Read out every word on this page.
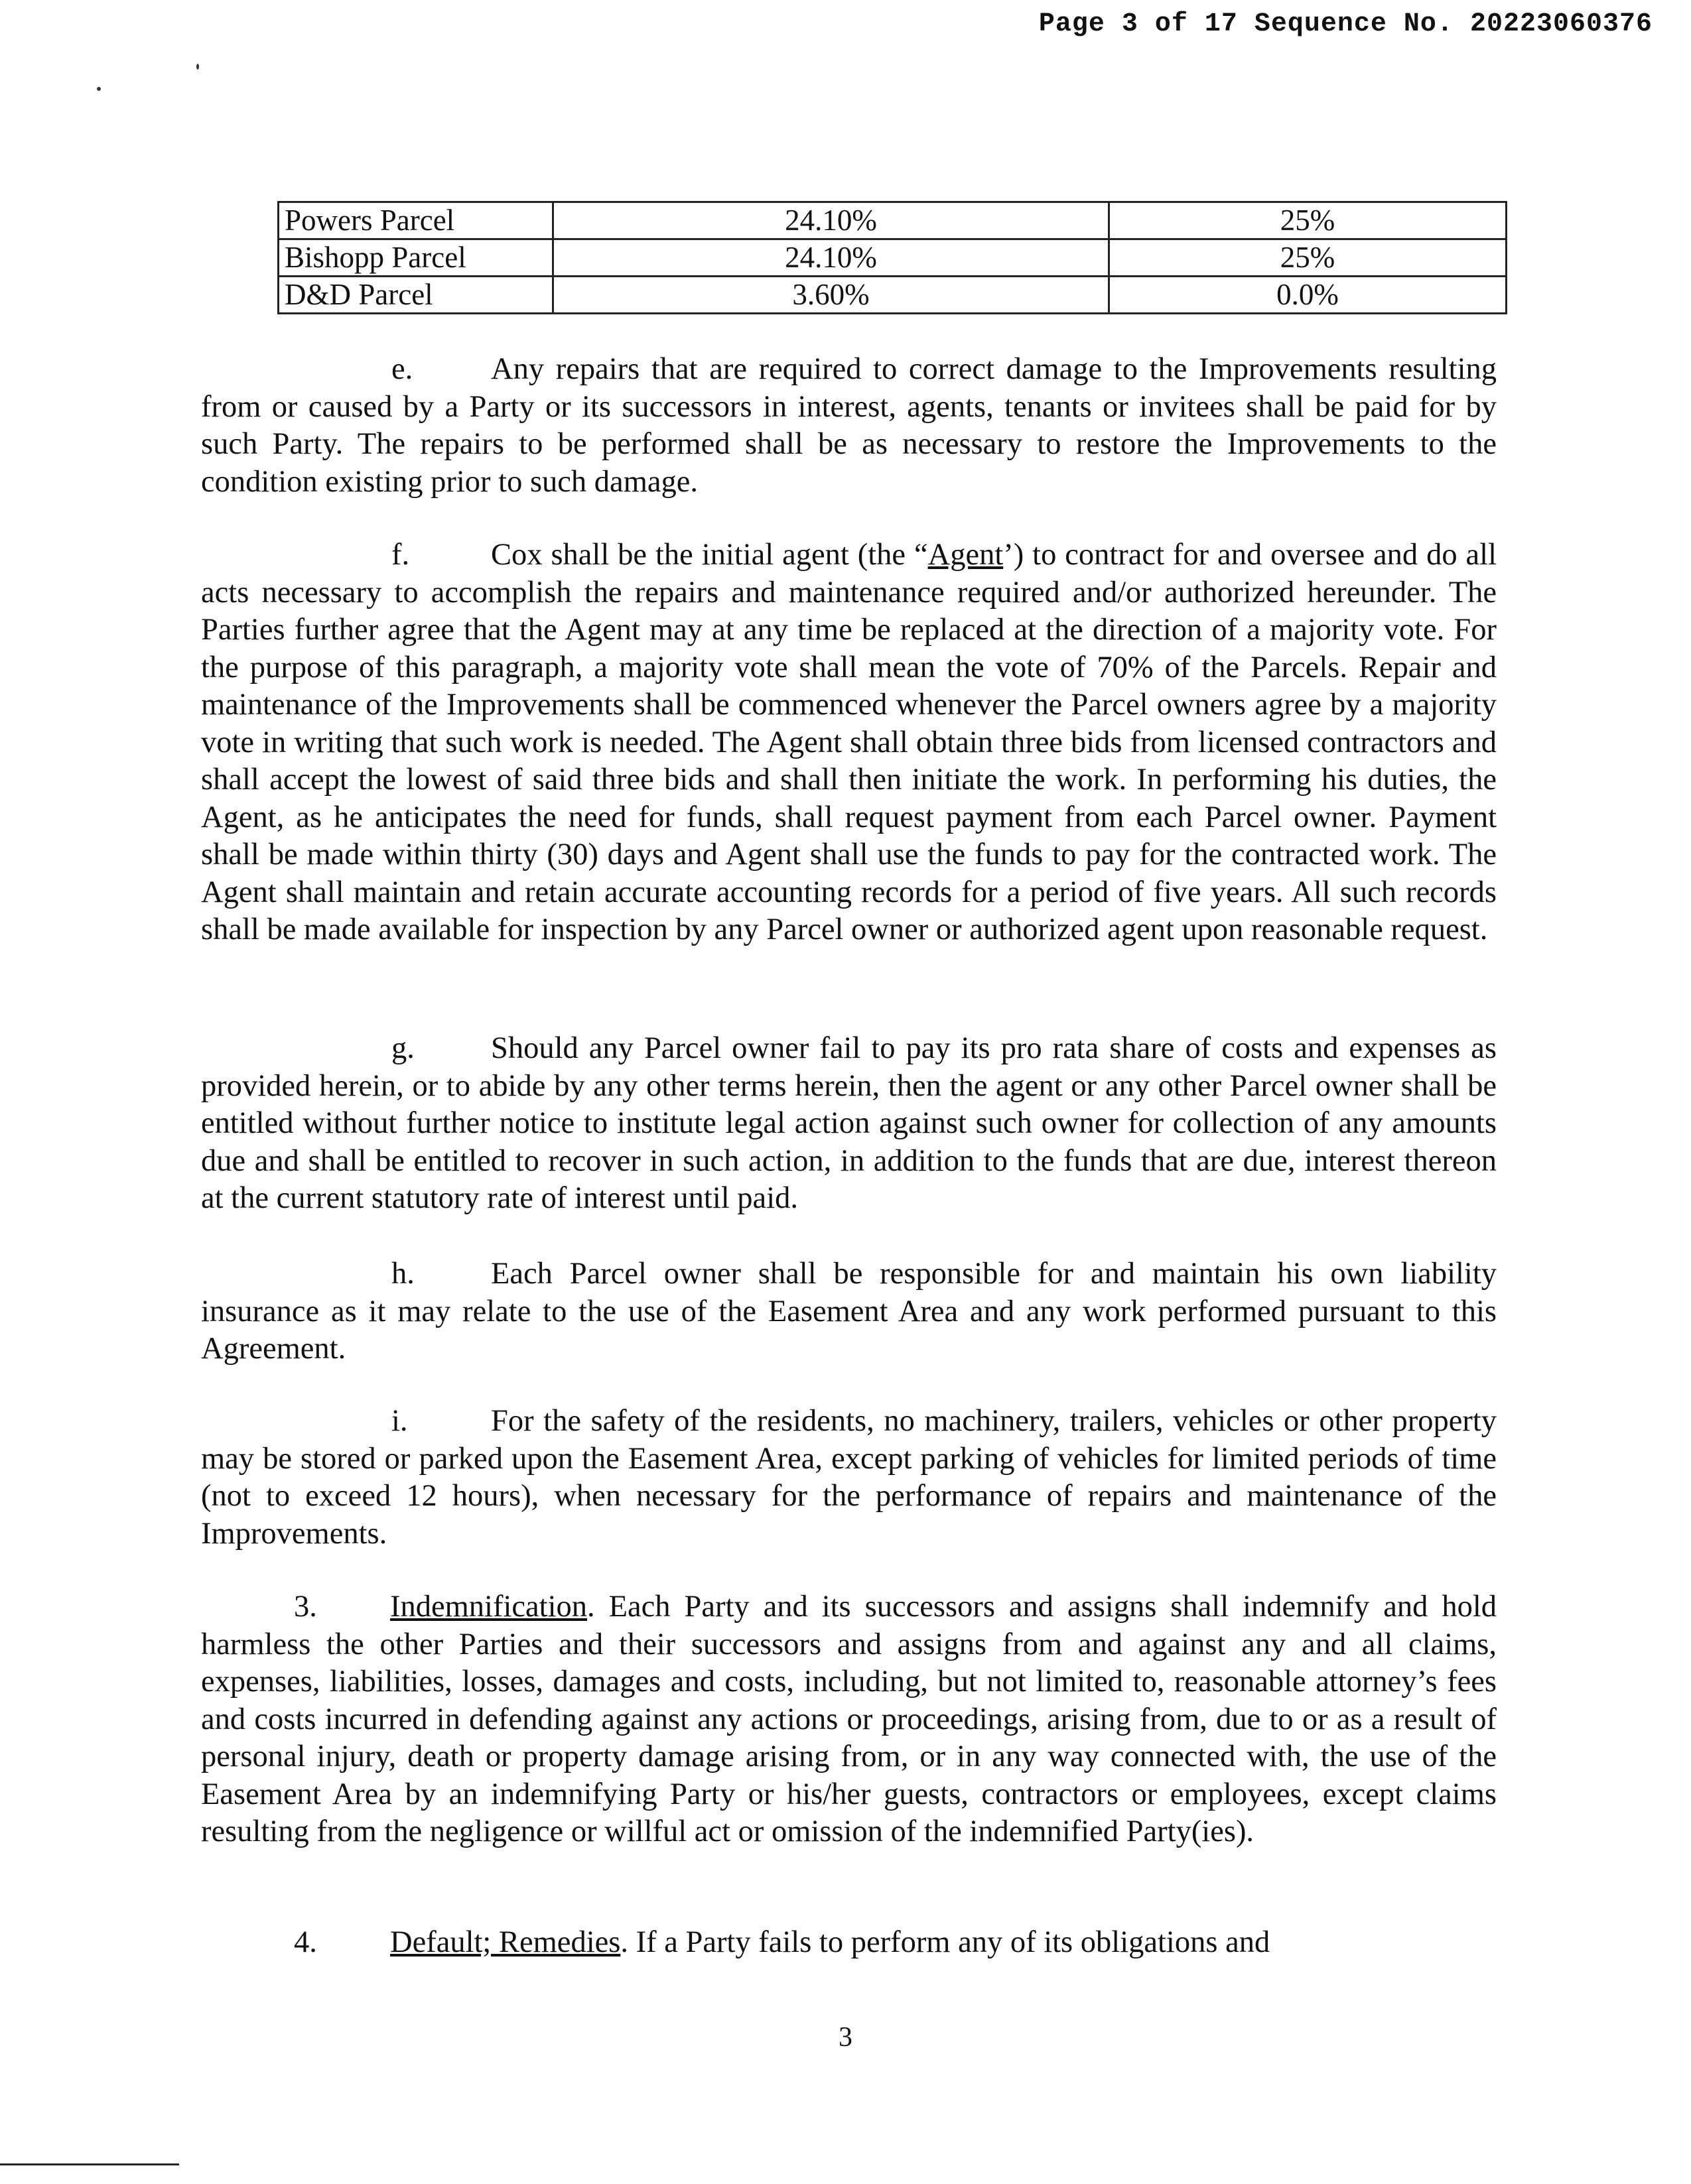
Page 3 of 17 Sequence No. 20223060376
Powers Parcel	24.10%	25%
Bishopp Parcel	24.10%	25%
D&D Parcel	3.60%	0.0%

e.	Any repairs that are required to correct damage to the Improvements resulting from or caused by a Party or its successors in interest, agents, tenants or invitees shall be paid for by such Party. The repairs to be performed shall be as necessary to restore the Improvements to the condition existing prior to such damage.

f.	Cox shall be the initial agent (the “Agent’) to contract for and oversee and do all acts necessary to accomplish the repairs and maintenance required and/or authorized hereunder. The Parties further agree that the Agent may at any time be replaced at the direction of a majority vote. For the purpose of this paragraph, a majority vote shall mean the vote of 70% of the Parcels. Repair and maintenance of the Improvements shall be commenced whenever the Parcel owners agree by a majority vote in writing that such work is needed. The Agent shall obtain three bids from licensed contractors and shall accept the lowest of said three bids and shall then initiate the work. In performing his duties, the Agent, as he anticipates the need for funds, shall request payment from each Parcel owner. Payment shall be made within thirty (30) days and Agent shall use the funds to pay for the contracted work. The Agent shall maintain and retain accurate accounting records for a period of five years. All such records shall be made available for inspection by any Parcel owner or authorized agent upon reasonable request.

g. Should any Parcel owner fail to pay its pro rata share of costs and expenses as provided herein, or to abide by any other terms herein, then the agent or any other Parcel owner shall be entitled without further notice to institute legal action against such owner for collection of any amounts due and shall be entitled to recover in such action, in addition to the funds that are due, interest thereon at the current statutory rate of interest until paid.

h. Each Parcel owner shall be responsible for and maintain his own liability insurance as it may relate to the use of the Easement Area and any work performed pursuant to this Agreement.

i.	For the safety of the residents, no machinery, trailers, vehicles or other property may be stored or parked upon the Easement Area, except parking of vehicles for limited periods of time (not to exceed 12 hours), when necessary for the performance of repairs and maintenance of the Improvements.

3. Indemnification. Each Party and its successors and assigns shall indemnify and hold harmless the other Parties and their successors and assigns from and against any and all claims, expenses, liabilities, losses, damages and costs, including, but not limited to, reasonable attorney’s fees and costs incurred in defending against any actions or proceedings, arising from, due to or as a result of personal injury, death or property damage arising from, or in any way connected with, the use of the Easement Area by an indemnifying Party or his/her guests, contractors or employees, except claims resulting from the negligence or willful act or omission of the indemnified Party(ies).

4. Default; Remedies. If a Party fails to perform any of its obligations and

3
